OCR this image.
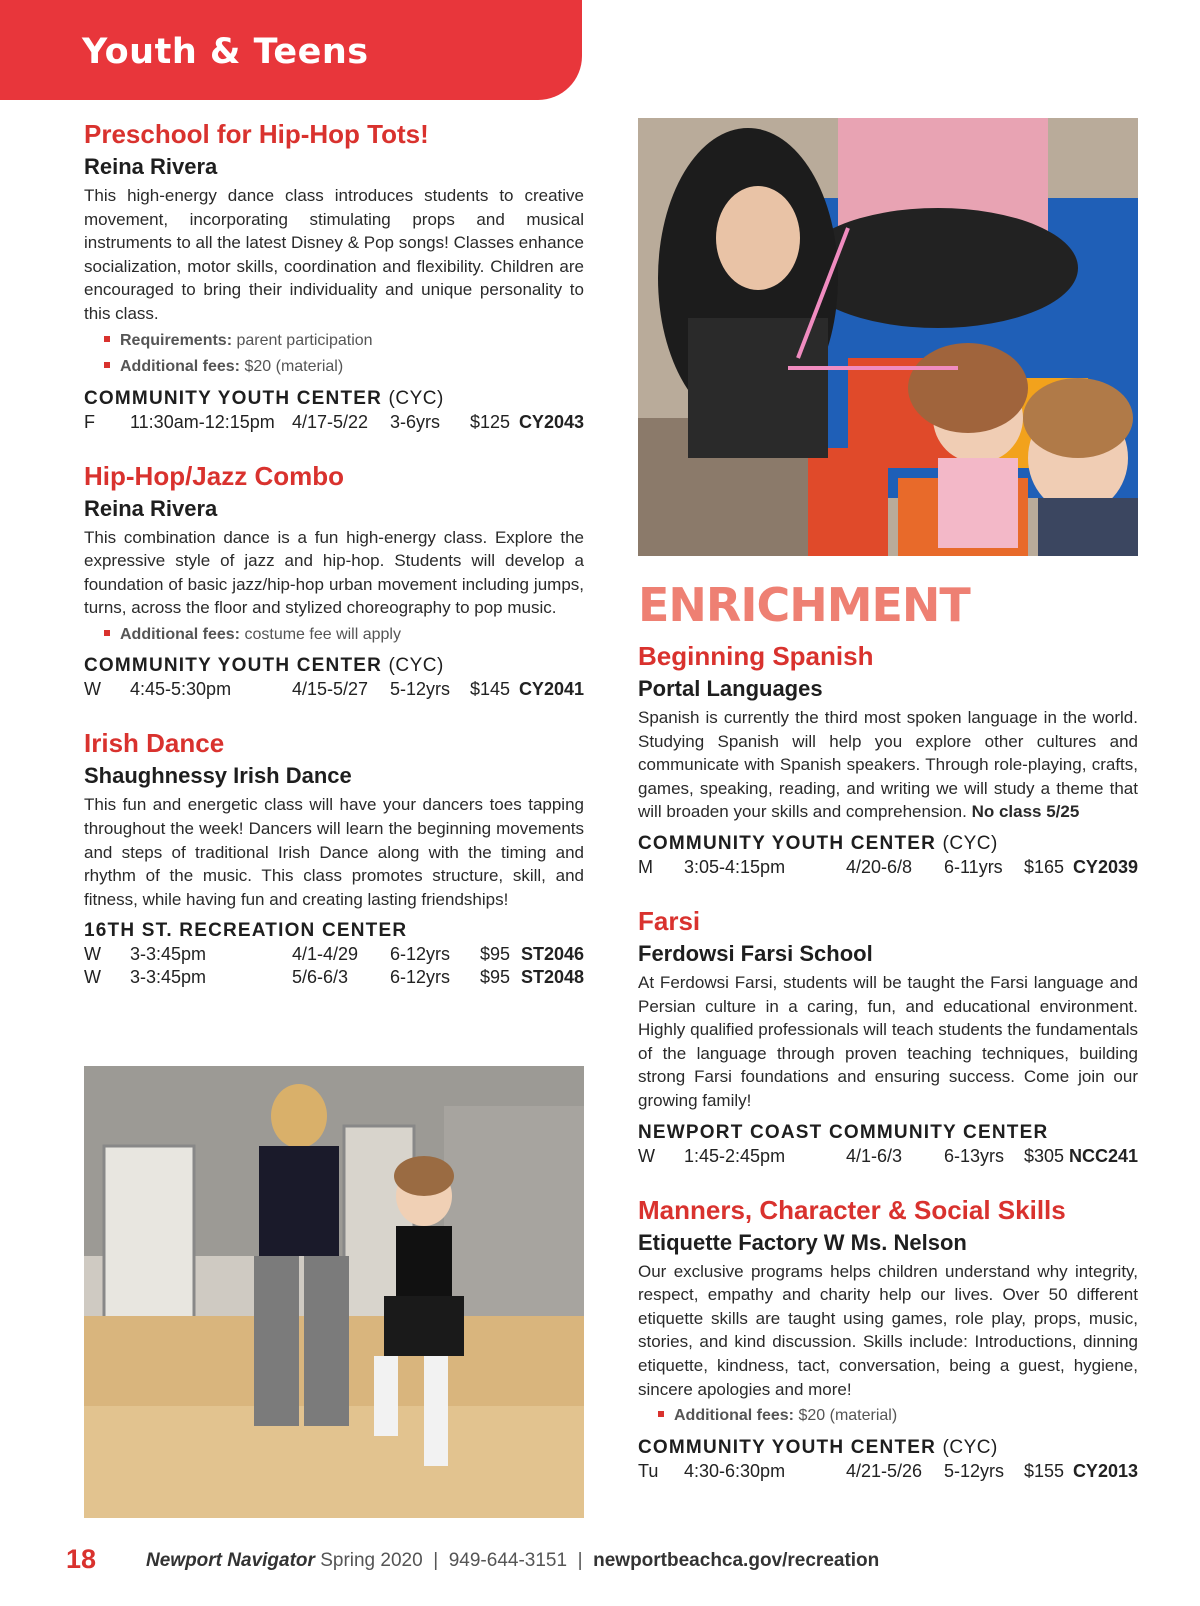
Youth & Teens
Preschool for Hip-Hop Tots!
Reina Rivera

This high-energy dance class introduces students to creative movement, incorporating stimulating props and musical instruments to all the latest Disney & Pop songs! Classes enhance socialization, motor skills, coordination and flexibility. Children are encouraged to bring their individuality and unique personality to this class.

Requirements: parent participation
Additional fees: $20 (material)
COMMUNITY YOUTH CENTER (CYC)
F 11:30am-12:15pm 4/17-5/22 3-6yrs $125 CY2043
Hip-Hop/Jazz Combo
Reina Rivera

This combination dance is a fun high-energy class. Explore the expressive style of jazz and hip-hop. Students will develop a foundation of basic jazz/hip-hop urban movement including jumps, turns, across the floor and stylized choreography to pop music.

Additional fees: costume fee will apply
COMMUNITY YOUTH CENTER (CYC)
W 4:45-5:30pm	4/15-5/27 5-12yrs $145 CY2041
Irish Dance
Shaughnessy Irish Dance

This fun and energetic class will have your dancers toes tapping throughout the week! Dancers will learn the beginning movements and steps of traditional Irish Dance along with the timing and rhythm of the music. This class promotes structure, skill, and fitness, while having fun and creating lasting friendships!

16TH ST. RECREATION CENTER
W 3-3:45pm	4/1-4/29 6-12yrs $95 ST2046
W 3-3:45pm	5/6-6/3 6-12yrs $95 ST2048
ENRICHMENT
Beginning Spanish
Portal Languages

Spanish is currently the third most spoken language in the world. Studying Spanish will help you explore other cultures and communicate with Spanish speakers. Through role-playing, crafts, games, speaking, reading, and writing we will study a theme that will broaden your skills and comprehension. No class 5/25

COMMUNITY YOUTH CENTER (CYC)
M 3:05-4:15pm	4/20-6/8 6-11yrs $165 CY2039
Farsi
Ferdowsi Farsi School

At Ferdowsi Farsi, students will be taught the Farsi language and Persian culture in a caring, fun, and educational environment. Highly qualified professionals will teach students the fundamentals of the language through proven teaching techniques, building strong Farsi foundations and ensuring success. Come join our growing family!

NEWPORT COAST COMMUNITY CENTER
W 1:45-2:45pm	4/1-6/3 6-13yrs $305 NCC241
Manners, Character & Social Skills
Etiquette Factory W Ms. Nelson

Our exclusive programs helps children understand why integrity, respect, empathy and charity help our lives. Over 50 different etiquette skills are taught using games, role play, props, music, stories, and kind discussion. Skills include: Introductions, dinning etiquette, kindness, tact, conversation, being a guest, hygiene, sincere apologies and more!

Additional fees: $20 (material)
COMMUNITY YOUTH CENTER (CYC)
Tu 4:30-6:30pm	4/21-5/26 5-12yrs $155 CY2013
18	Newport Navigator Spring 2020 | 949-644-3151 | newportbeachca.gov/recreation
